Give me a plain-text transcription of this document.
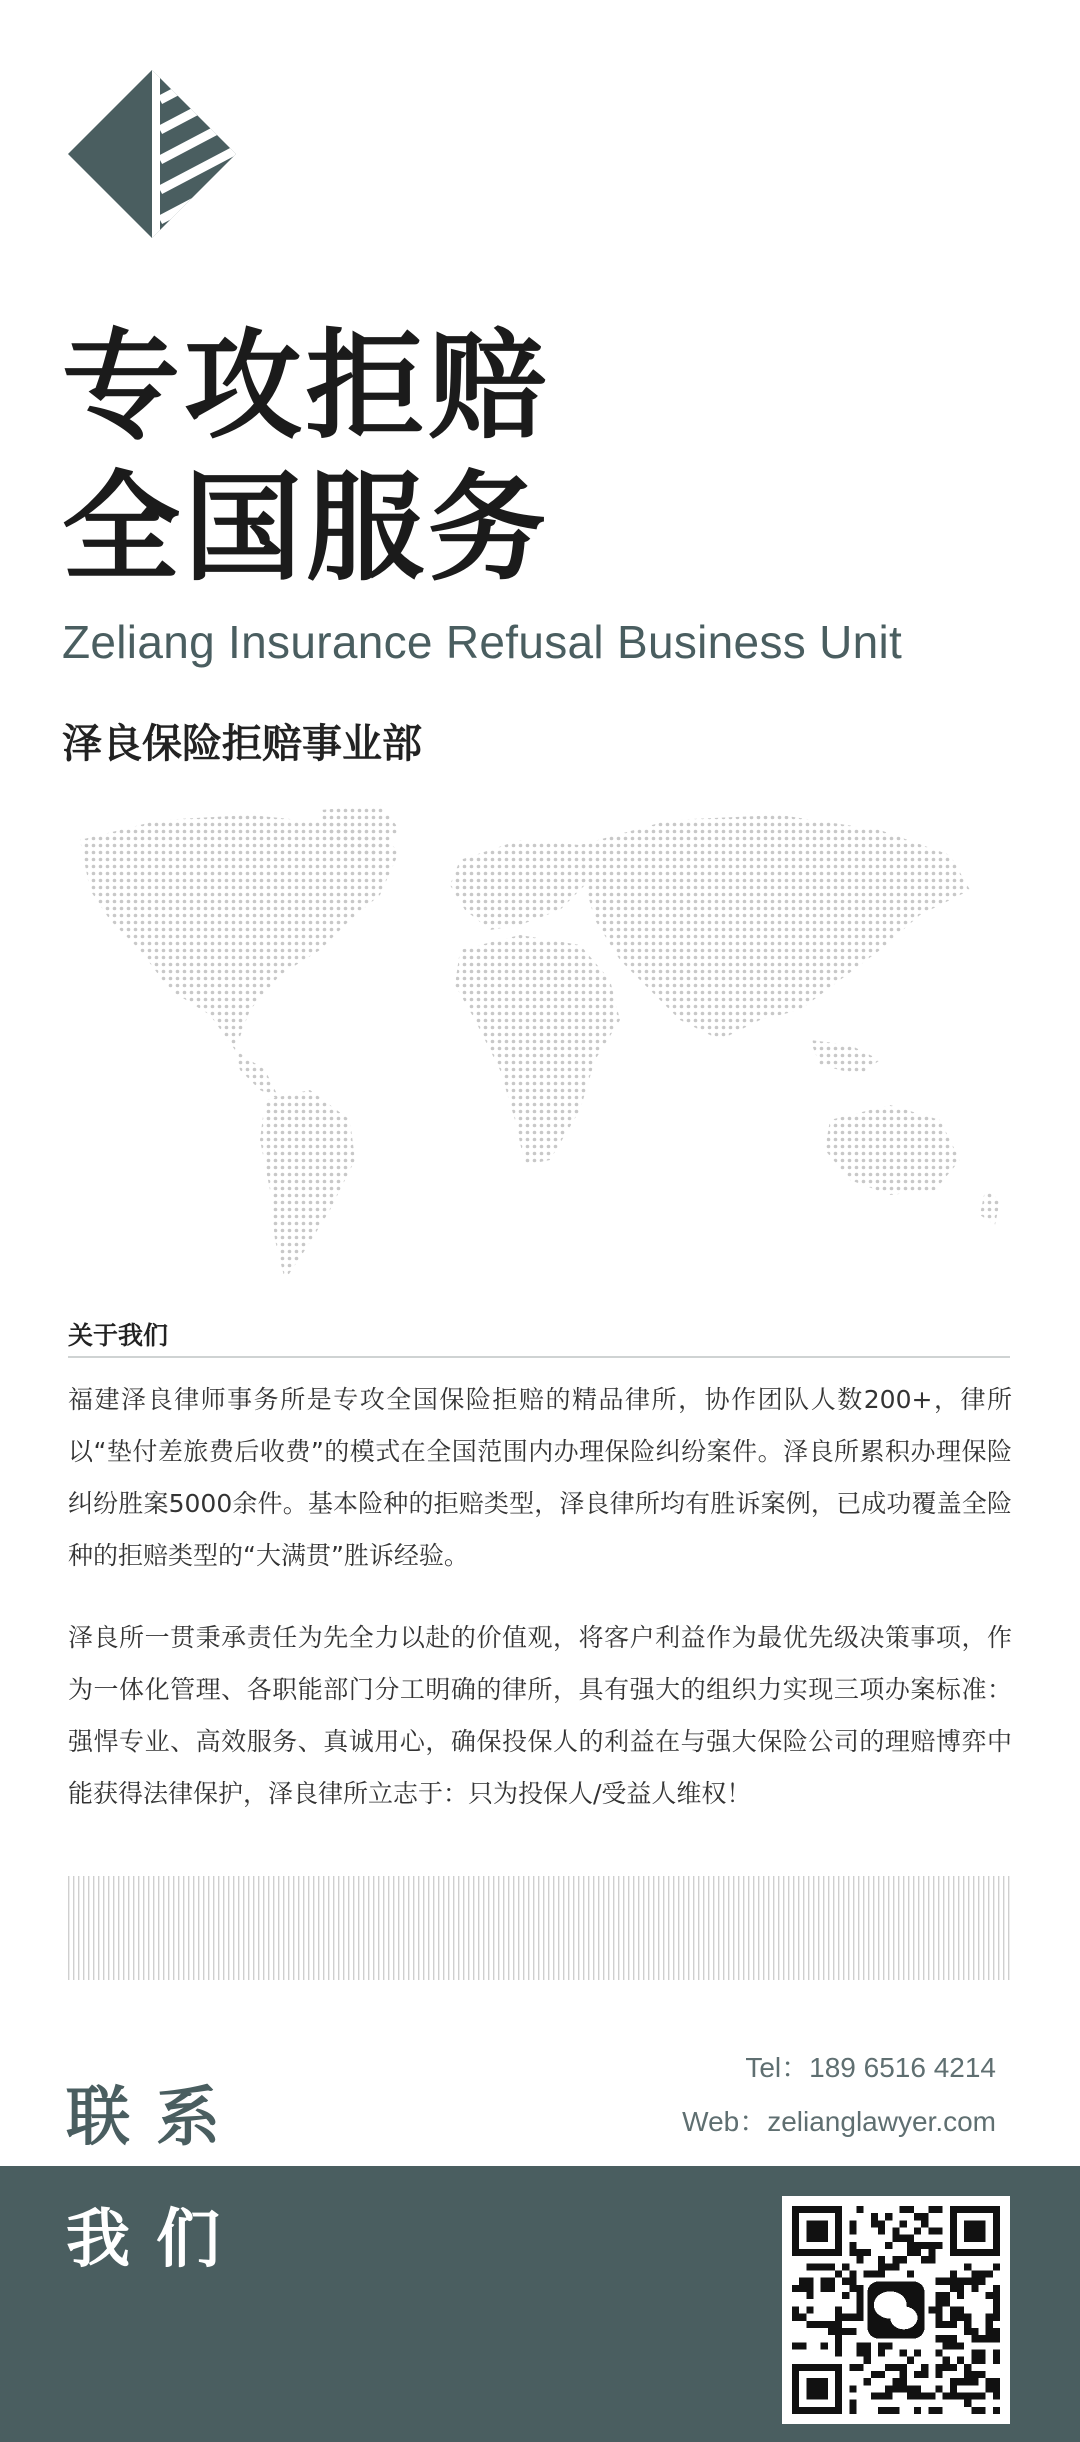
专攻拒赔
全国服务
Zeliang Insurance Refusal Business Unit
泽良保险拒赔事业部
关于我们
福建泽良律师事务所是专攻全国保险拒赔的精品律所，协作团队人数200+，律所以“垫付差旅费后收费”的模式在全国范围内办理保险纠纷案件。泽良所累积办理保险纠纷胜案5000余件。基本险种的拒赔类型，泽良律所均有胜诉案例，已成功覆盖全险种的拒赔类型的“大满贯”胜诉经验。
泽良所一贯秉承责任为先全力以赴的价值观，将客户利益作为最优先级决策事项，作为一体化管理、各职能部门分工明确的律所，具有强大的组织力实现三项办案标准：强悍专业、高效服务、真诚用心，确保投保人的利益在与强大保险公司的理赔博弈中能获得法律保护，泽良律所立志于：只为投保人/受益人维权！
Tel：189 6516 4214
Web：zelianglawyer.com
联系
我们
